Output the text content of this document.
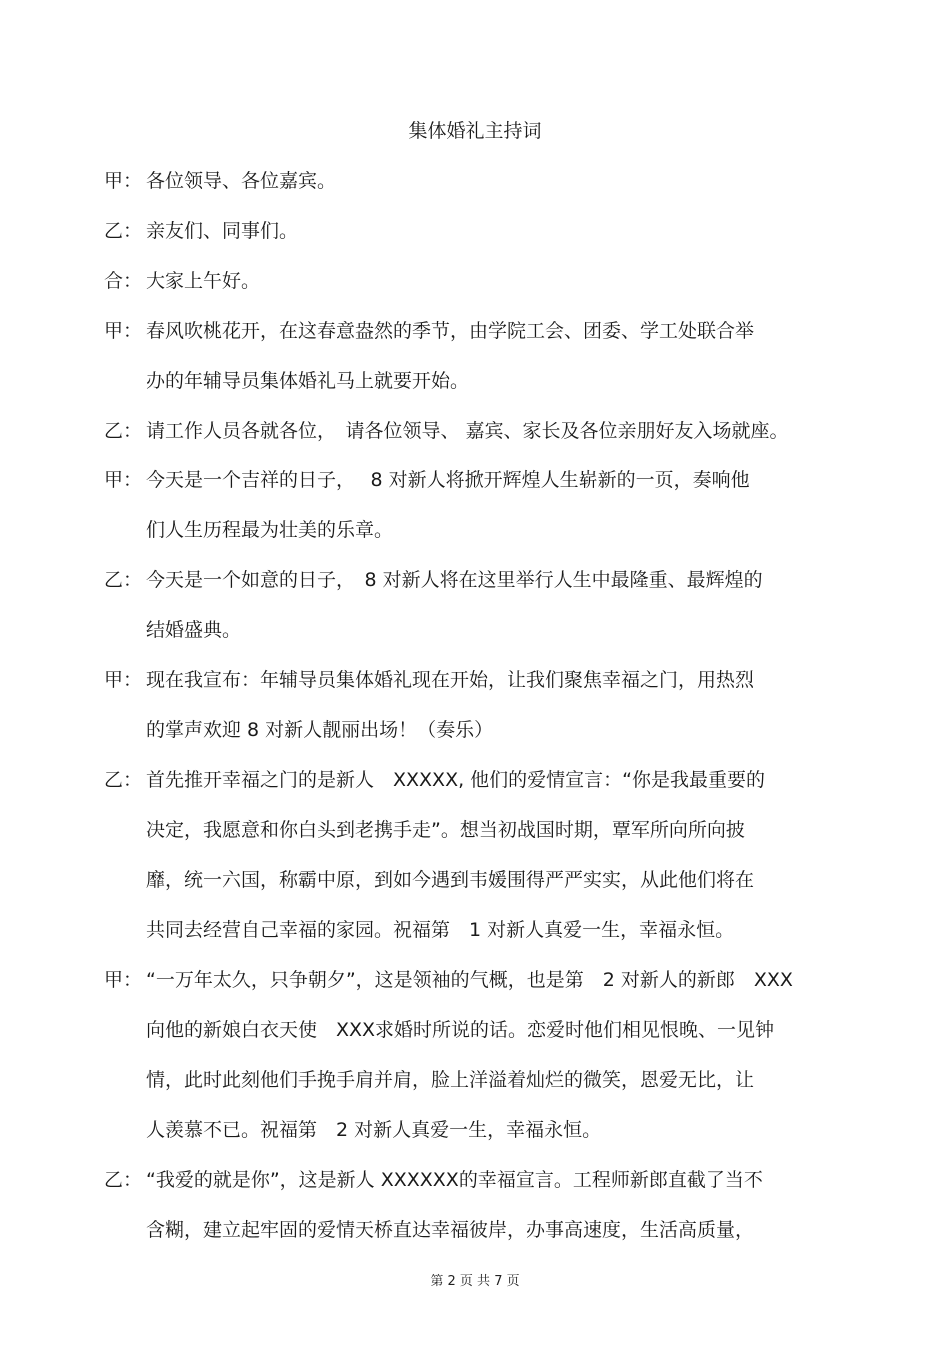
集体婚礼主持词
甲： 各位领导、各位嘉宾。
乙： 亲友们、同事们。
合： 大家上午好。
甲： 春风吹桃花开，在这春意盎然的季节，由学院工会、团委、学工处联合举
办的年辅导员集体婚礼马上就要开始。
乙： 请工作人员各就各位，　请各位领导、 嘉宾、家长及各位亲朋好友入场就座。
甲： 今天是一个吉祥的日子，　 8 对新人将掀开辉煌人生崭新的一页，奏响他
们人生历程最为壮美的乐章。
乙： 今天是一个如意的日子，　8 对新人将在这里举行人生中最隆重、最辉煌的
结婚盛典。
甲： 现在我宣布：年辅导员集体婚礼现在开始，让我们聚焦幸福之门，用热烈
的掌声欢迎 8 对新人靓丽出场！（奏乐）
乙： 首先推开幸福之门的是新人　XXXXX, 他们的爱情宣言：“你是我最重要的
决定，我愿意和你白头到老携手走”。想当初战国时期，覃军所向所向披
靡，统一六国，称霸中原，到如今遇到韦媛围得严严实实，从此他们将在
共同去经营自己幸福的家园。祝福第　1 对新人真爱一生，幸福永恒。
甲： “一万年太久，只争朝夕”，这是领袖的气概，也是第　2 对新人的新郎　XXX
向他的新娘白衣天使　XXX求婚时所说的话。恋爱时他们相见恨晚、一见钟
情，此时此刻他们手挽手肩并肩，脸上洋溢着灿烂的微笑，恩爱无比，让
人羡慕不已。祝福第　2 对新人真爱一生，幸福永恒。
乙： “我爱的就是你”，这是新人 XXXXXX的幸福宣言。工程师新郎直截了当不
含糊，建立起牢固的爱情天桥直达幸福彼岸，办事高速度，生活高质量，
第 2 页 共 7 页
